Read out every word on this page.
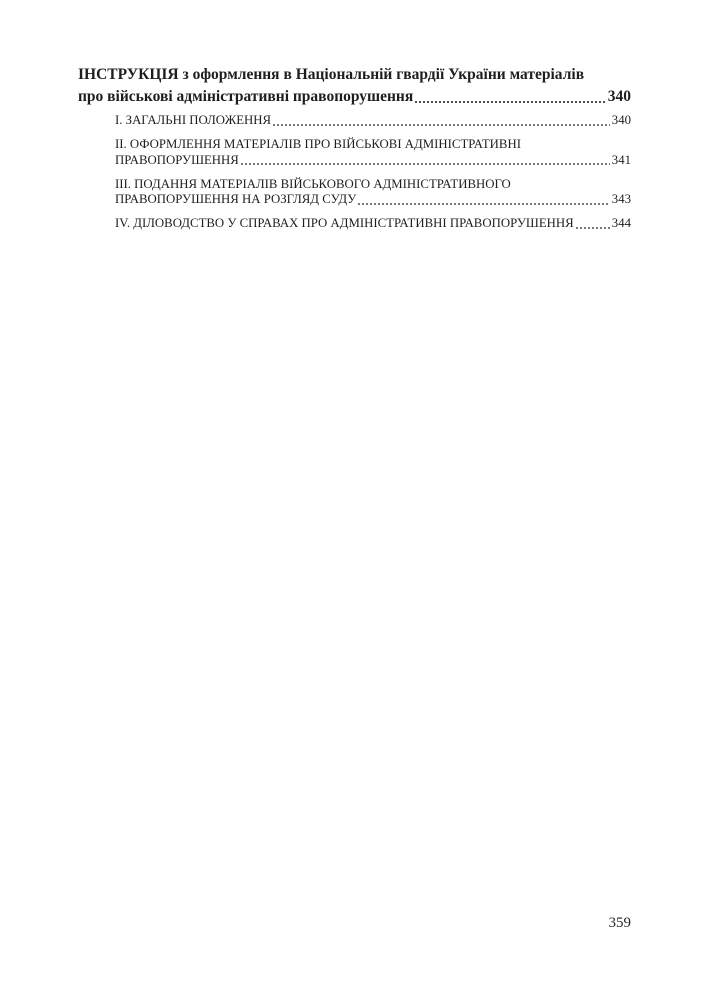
ІНСТРУКЦІЯ з оформлення в Національній гвардії України матеріалів
про військові адміністративні правопорушення	340
I. ЗАГАЛЬНІ ПОЛОЖЕННЯ	340
II. ОФОРМЛЕННЯ МАТЕРІАЛІВ ПРО ВІЙСЬКОВІ АДМІНІСТРАТИВНІ
ПРАВОПОРУШЕННЯ	341
III. ПОДАННЯ МАТЕРІАЛІВ ВІЙСЬКОВОГО АДМІНІСТРАТИВНОГО
ПРАВОПОРУШЕННЯ НА РОЗГЛЯД СУДУ	343
IV. ДІЛОВОДСТВО У СПРАВАХ ПРО АДМІНІСТРАТИВНІ ПРАВОПОРУШЕННЯ	344
359
